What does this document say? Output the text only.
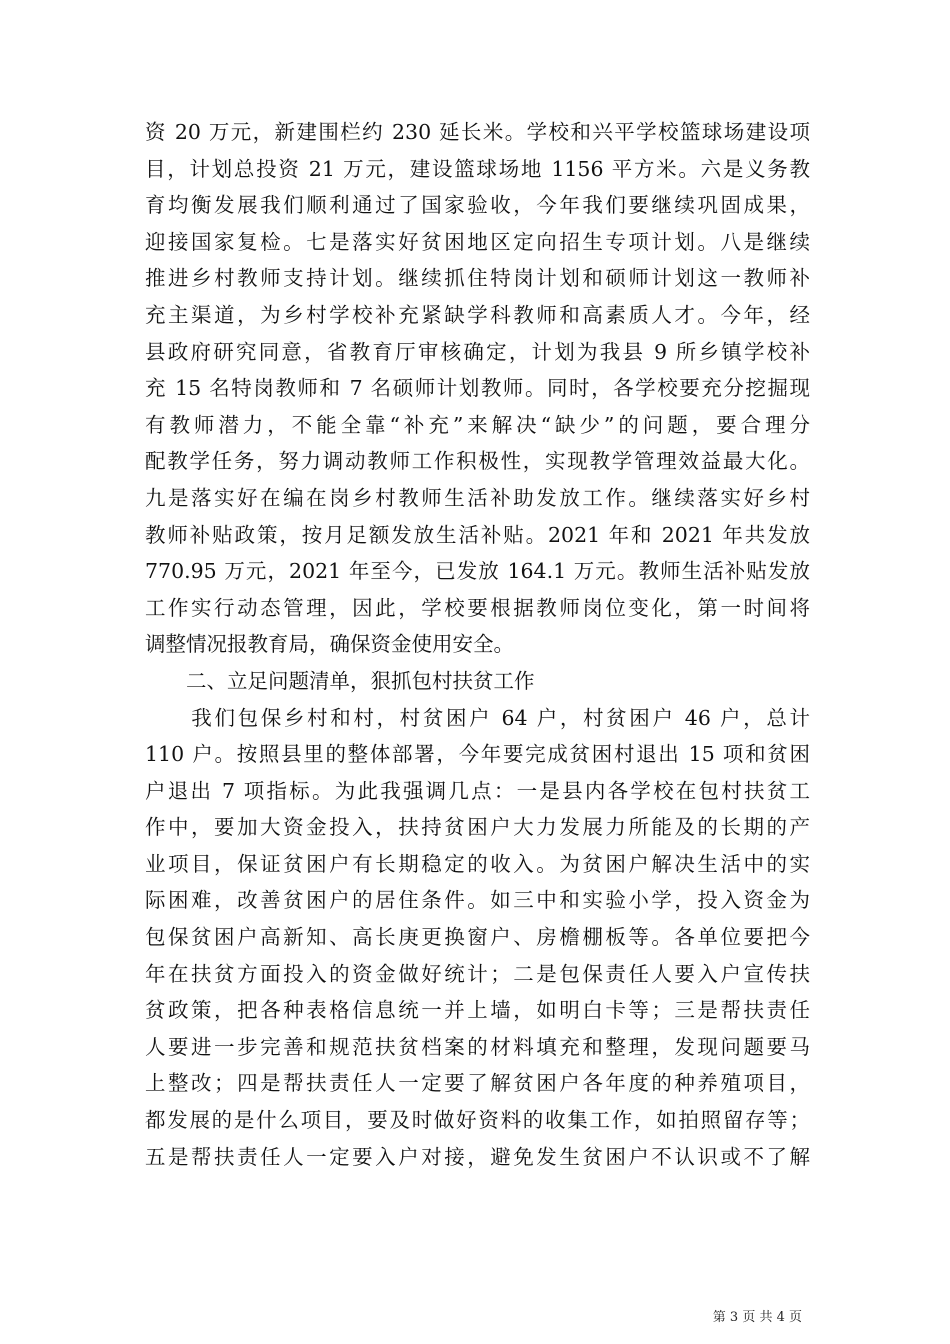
资 20 万元，新建围栏约 230 延长米。学校和兴平学校篮球场建设项
目，计划总投资 21 万元，建设篮球场地 1156 平方米。六是义务教
育均衡发展我们顺利通过了国家验收，今年我们要继续巩固成果，
迎接国家复检。七是落实好贫困地区定向招生专项计划。八是继续
推进乡村教师支持计划。继续抓住特岗计划和硕师计划这一教师补
充主渠道，为乡村学校补充紧缺学科教师和高素质人才。今年，经
县政府研究同意，省教育厅审核确定，计划为我县 9 所乡镇学校补
充 15 名特岗教师和 7 名硕师计划教师。同时，各学校要充分挖掘现
有教师潜力，不能全靠“补充”来解决“缺少”的问题，要合理分
配教学任务，努力调动教师工作积极性，实现教学管理效益最大化。
九是落实好在编在岗乡村教师生活补助发放工作。继续落实好乡村
教师补贴政策，按月足额发放生活补贴。2021 年和 2021 年共发放
770.95 万元，2021 年至今，已发放 164.1 万元。教师生活补贴发放
工作实行动态管理，因此，学校要根据教师岗位变化，第一时间将
调整情况报教育局，确保资金使用安全。
　　二、立足问题清单，狠抓包村扶贫工作
　　我们包保乡村和村，村贫困户 64 户，村贫困户 46 户，总计
110 户。按照县里的整体部署，今年要完成贫困村退出 15 项和贫困
户退出 7 项指标。为此我强调几点：一是县内各学校在包村扶贫工
作中，要加大资金投入，扶持贫困户大力发展力所能及的长期的产
业项目，保证贫困户有长期稳定的收入。为贫困户解决生活中的实
际困难，改善贫困户的居住条件。如三中和实验小学，投入资金为
包保贫困户高新知、高长庚更换窗户、房檐棚板等。各单位要把今
年在扶贫方面投入的资金做好统计；二是包保责任人要入户宣传扶
贫政策，把各种表格信息统一并上墙，如明白卡等；三是帮扶责任
人要进一步完善和规范扶贫档案的材料填充和整理，发现问题要马
上整改；四是帮扶责任人一定要了解贫困户各年度的种养殖项目，
都发展的是什么项目，要及时做好资料的收集工作，如拍照留存等；
五是帮扶责任人一定要入户对接，避免发生贫困户不认识或不了解
第 3 页 共 4 页
